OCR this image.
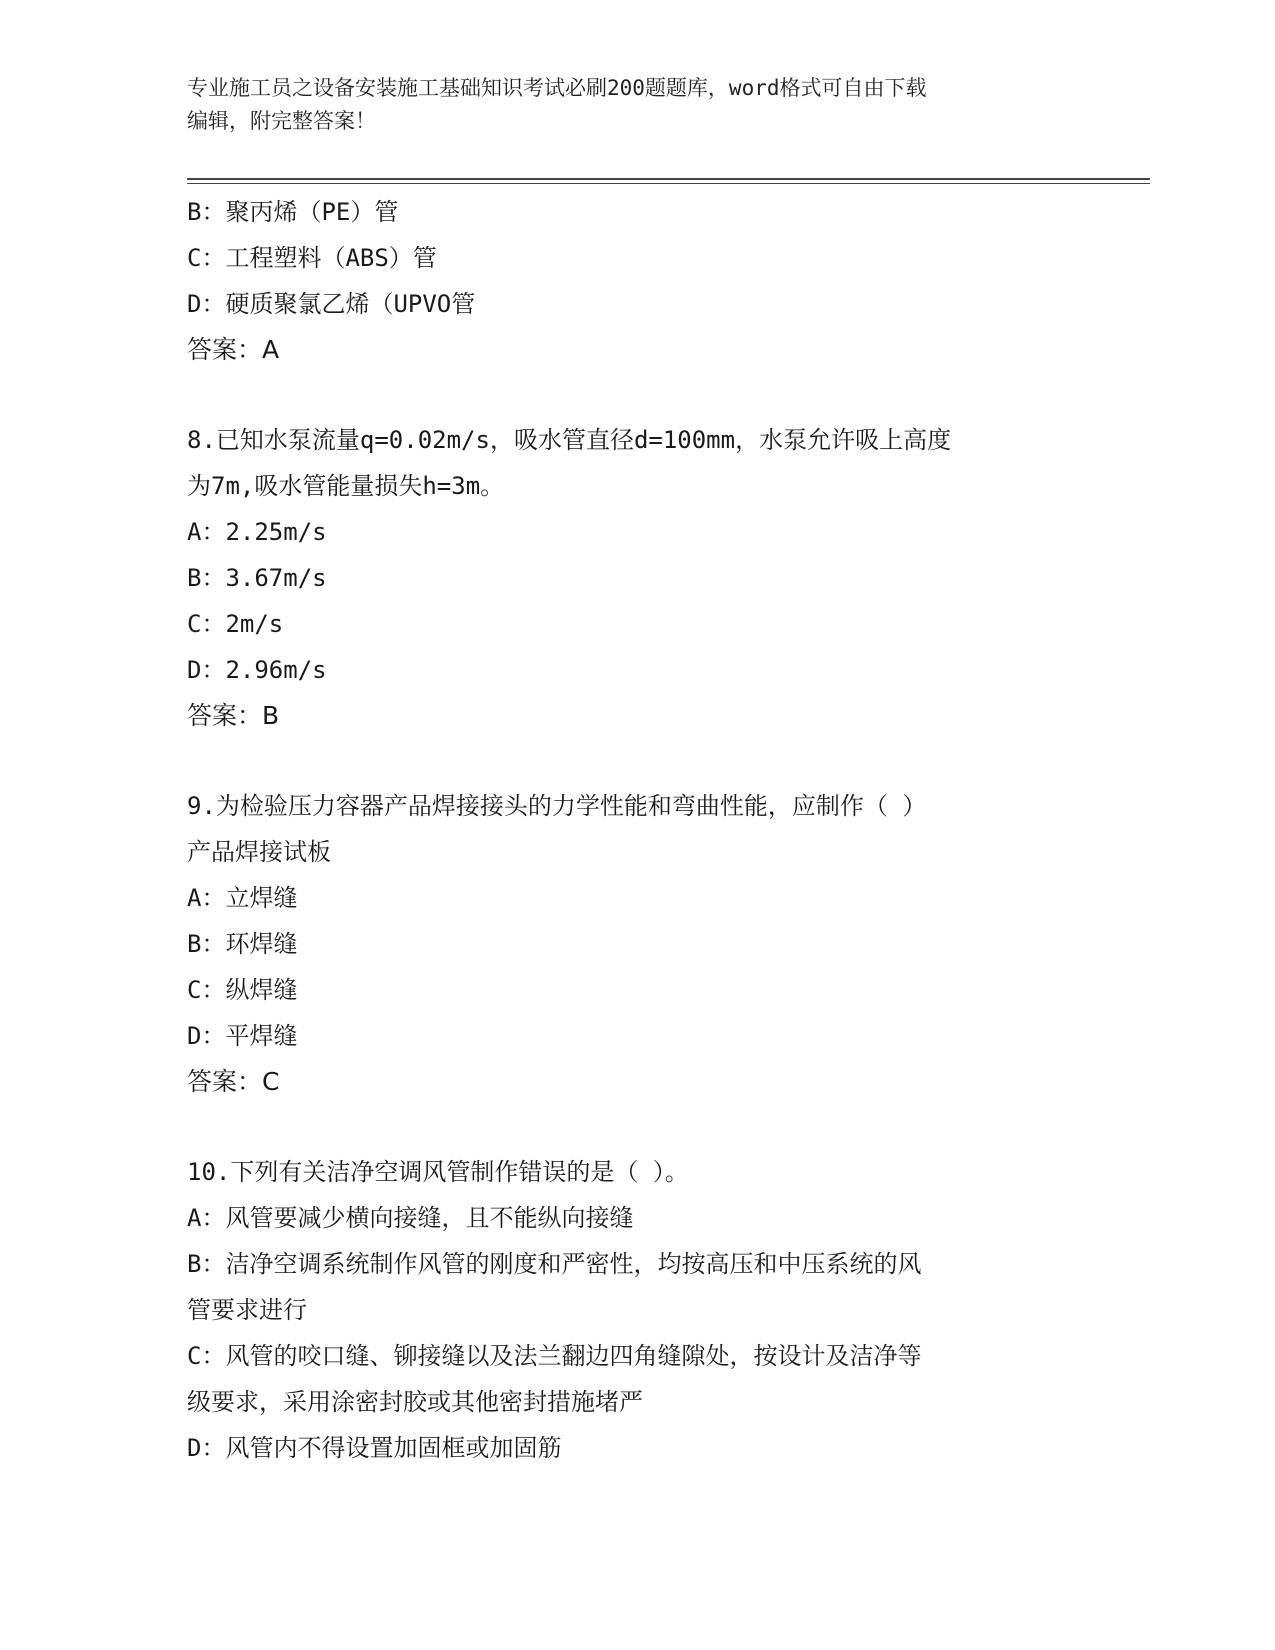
专业施工员之设备安装施工基础知识考试必刷200题题库，word格式可自由下载
编辑，附完整答案！
B：聚丙烯（PE）管
C：工程塑料（ABS）管
D：硬质聚氯乙烯（UPVO管
答案：A
8.已知水泵流量q=0.02m/s，吸水管直径d=100mm，水泵允许吸上高度
为7m,吸水管能量损失h=3m。
A：2.25m/s
B：3.67m/s
C：2m/s
D：2.96m/s
答案：B
9.为检验压力容器产品焊接接头的力学性能和弯曲性能，应制作（ ）
产品焊接试板
A：立焊缝
B：环焊缝
C：纵焊缝
D：平焊缝
答案：C
10.下列有关洁净空调风管制作错误的是（ ）。
A：风管要减少横向接缝，且不能纵向接缝
B：洁净空调系统制作风管的刚度和严密性，均按高压和中压系统的风
管要求进行
C：风管的咬口缝、铆接缝以及法兰翻边四角缝隙处，按设计及洁净等
级要求，采用涂密封胶或其他密封措施堵严
D：风管内不得设置加固框或加固筋
